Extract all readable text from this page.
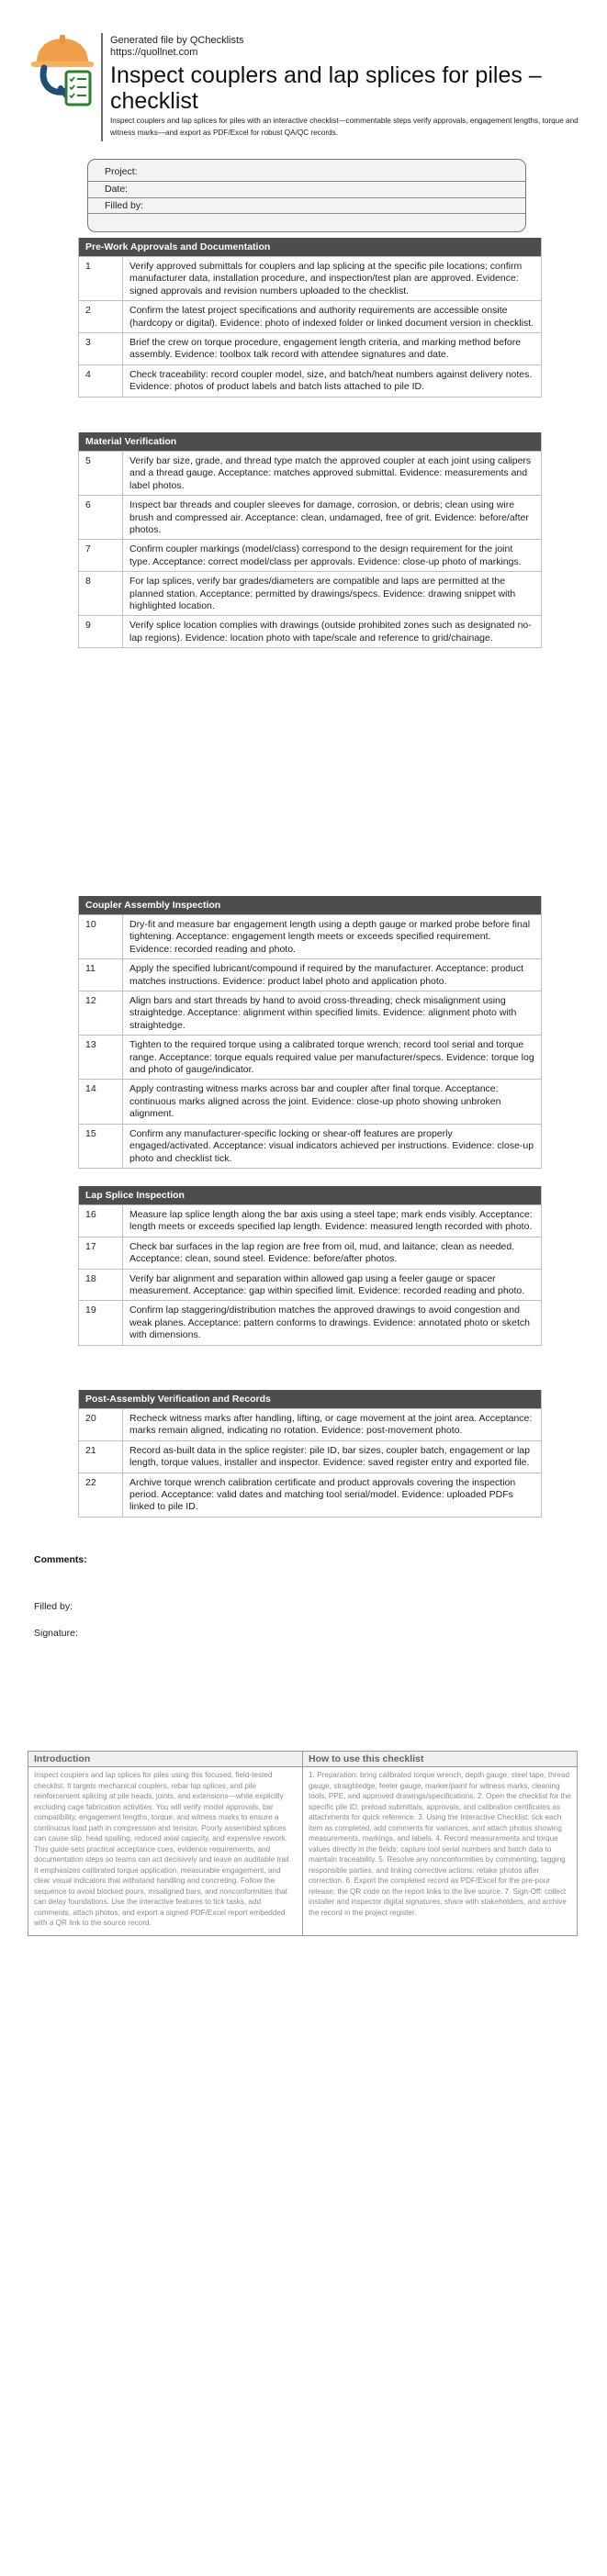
Generated file by QChecklists
https://quollnet.com
Inspect couplers and lap splices for piles – checklist
Inspect couplers and lap splices for piles with an interactive checklist—commentable steps verify approvals, engagement lengths, torque and witness marks—and export as PDF/Excel for robust QA/QC records.
Project:
Date:
Filled by:
Pre-Work Approvals and Documentation
1	Verify approved submittals for couplers and lap splicing at the specific pile locations; confirm manufacturer data, installation procedure, and inspection/test plan are approved. Evidence: signed approvals and revision numbers uploaded to the checklist.
2	Confirm the latest project specifications and authority requirements are accessible onsite (hardcopy or digital). Evidence: photo of indexed folder or linked document version in checklist.
3	Brief the crew on torque procedure, engagement length criteria, and marking method before assembly. Evidence: toolbox talk record with attendee signatures and date.
4	Check traceability: record coupler model, size, and batch/heat numbers against delivery notes. Evidence: photos of product labels and batch lists attached to pile ID.
Material Verification
5	Verify bar size, grade, and thread type match the approved coupler at each joint using calipers and a thread gauge. Acceptance: matches approved submittal. Evidence: measurements and label photos.
6	Inspect bar threads and coupler sleeves for damage, corrosion, or debris; clean using wire brush and compressed air. Acceptance: clean, undamaged, free of grit. Evidence: before/after photos.
7	Confirm coupler markings (model/class) correspond to the design requirement for the joint type. Acceptance: correct model/class per approvals. Evidence: close-up photo of markings.
8	For lap splices, verify bar grades/diameters are compatible and laps are permitted at the planned station. Acceptance: permitted by drawings/specs. Evidence: drawing snippet with highlighted location.
9	Verify splice location complies with drawings (outside prohibited zones such as designated no-lap regions). Evidence: location photo with tape/scale and reference to grid/chainage.
Coupler Assembly Inspection
10	Dry-fit and measure bar engagement length using a depth gauge or marked probe before final tightening. Acceptance: engagement length meets or exceeds specified requirement. Evidence: recorded reading and photo.
11	Apply the specified lubricant/compound if required by the manufacturer. Acceptance: product matches instructions. Evidence: product label photo and application photo.
12	Align bars and start threads by hand to avoid cross-threading; check misalignment using straightedge. Acceptance: alignment within specified limits. Evidence: alignment photo with straightedge.
13	Tighten to the required torque using a calibrated torque wrench; record tool serial and torque range. Acceptance: torque equals required value per manufacturer/specs. Evidence: torque log and photo of gauge/indicator.
14	Apply contrasting witness marks across bar and coupler after final torque. Acceptance: continuous marks aligned across the joint. Evidence: close-up photo showing unbroken alignment.
15	Confirm any manufacturer-specific locking or shear-off features are properly engaged/activated. Acceptance: visual indicators achieved per instructions. Evidence: close-up photo and checklist tick.
Lap Splice Inspection
16	Measure lap splice length along the bar axis using a steel tape; mark ends visibly. Acceptance: length meets or exceeds specified lap length. Evidence: measured length recorded with photo.
17	Check bar surfaces in the lap region are free from oil, mud, and laitance; clean as needed. Acceptance: clean, sound steel. Evidence: before/after photos.
18	Verify bar alignment and separation within allowed gap using a feeler gauge or spacer measurement. Acceptance: gap within specified limit. Evidence: recorded reading and photo.
19	Confirm lap staggering/distribution matches the approved drawings to avoid congestion and weak planes. Acceptance: pattern conforms to drawings. Evidence: annotated photo or sketch with dimensions.
Post-Assembly Verification and Records
20	Recheck witness marks after handling, lifting, or cage movement at the joint area. Acceptance: marks remain aligned, indicating no rotation. Evidence: post-movement photo.
21	Record as-built data in the splice register: pile ID, bar sizes, coupler batch, engagement or lap length, torque values, installer and inspector. Evidence: saved register entry and exported file.
22	Archive torque wrench calibration certificate and product approvals covering the inspection period. Acceptance: valid dates and matching tool serial/model. Evidence: uploaded PDFs linked to pile ID.
Comments:
Filled by:
Signature:
Introduction
Inspect couplers and lap splices for piles using this focused, field-tested checklist. It targets mechanical couplers, rebar lap splices, and pile reinforcement splicing at pile heads, joints, and extensions—while explicitly excluding cage fabrication activities. You will verify model approvals, bar compatibility, engagement lengths, torque, and witness marks to ensure a continuous load path in compression and tension. Poorly assembled splices can cause slip, head spalling, reduced axial capacity, and expensive rework. This guide sets practical acceptance cues, evidence requirements, and documentation steps so teams can act decisively and leave an auditable trail. It emphasizes calibrated torque application, measurable engagement, and clear visual indicators that withstand handling and concreting. Follow the sequence to avoid blocked pours, misaligned bars, and nonconformities that can delay foundations. Use the interactive features to tick tasks, add comments, attach photos, and export a signed PDF/Excel report embedded with a QR link to the source record.
How to use this checklist
1. Preparation: bring calibrated torque wrench, depth gauge, steel tape, thread gauge, straightedge, feeler gauge, marker/paint for witness marks, cleaning tools, PPE, and approved drawings/specifications. 2. Open the checklist for the specific pile ID; preload submittals, approvals, and calibration certificates as attachments for quick reference. 3. Using the Interactive Checklist: tick each item as completed, add comments for variances, and attach photos showing measurements, markings, and labels. 4. Record measurements and torque values directly in the fields; capture tool serial numbers and batch data to maintain traceability. 5. Resolve any nonconformities by commenting, tagging responsible parties, and linking corrective actions; retake photos after correction. 6. Export the completed record as PDF/Excel for the pre-pour release; the QR code on the report links to the live source. 7. Sign-Off: collect installer and inspector digital signatures, share with stakeholders, and archive the record in the project register.
